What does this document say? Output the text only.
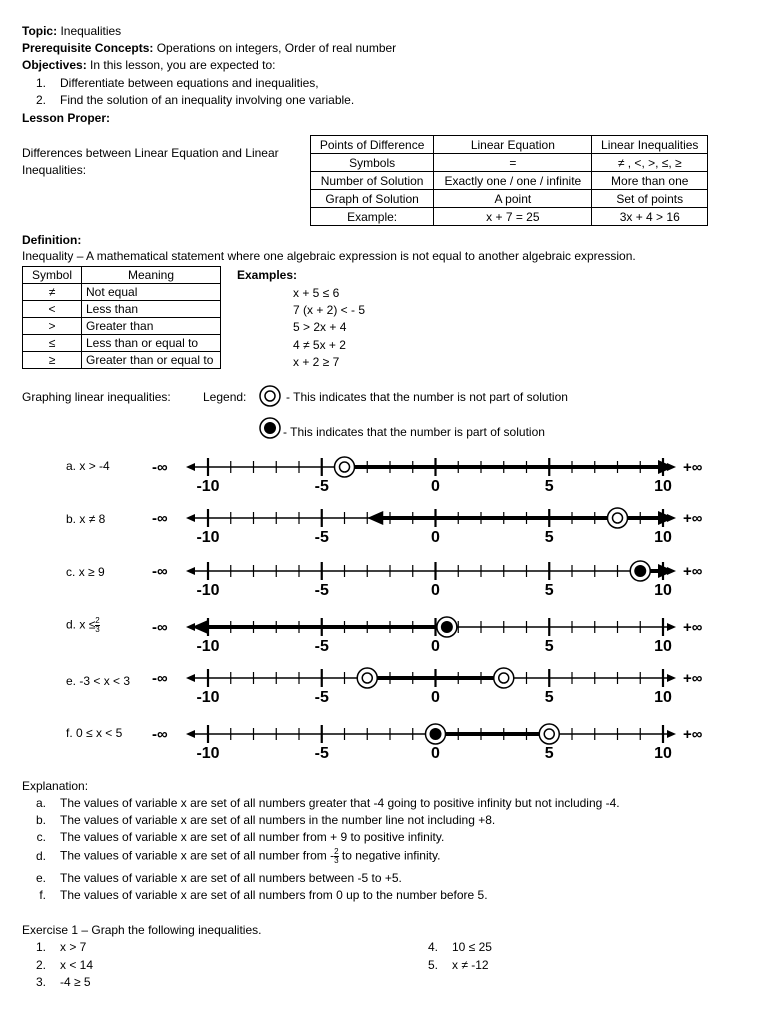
Topic: Inequalities
Prerequisite Concepts: Operations on integers, Order of real number
Objectives: In this lesson, you are expected to:
1. Differentiate between equations and inequalities,
2. Find the solution of an inequality involving one variable.
Lesson Proper:
Differences between Linear Equation and Linear Inequalities:
Points of Difference	Linear Equation	Linear Inequalities
Symbols	=	≠ , <, >, ≤, ≥
Number of Solution	Exactly one / one / infinite	More than one
Graph of Solution	A point	Set of points
Example:	x + 7 = 25	3x + 4 > 16
Definition:
Inequality – A mathematical statement where one algebraic expression is not equal to another algebraic expression.
Symbol	Meaning
≠	Not equal
<	Less than
>	Greater than
≤	Less than or equal to
≥	Greater than or equal to
Examples:
x + 5 ≤ 6
7 (x + 2) < - 5
5 > 2x + 4
4 ≠ 5x + 2
x + 2 ≥ 7
Graphing linear inequalities:	Legend:	- This indicates that the number is not part of solution
- This indicates that the number is part of solution
a. x > -4
b. x ≠ 8
c. x ≥ 9
d. $x \le \frac{2}{3}$
e. -3 < x < 3
f. 0 ≤ x < 5
-∞	+∞
-10	-5	0	5	10
-∞	+∞
-10	-5	0	5	10
-∞	+∞
-10	-5	0	5	10
-∞	+∞
-10	-5	0	5	10
-∞	+∞
-10	-5	0	5	10
-∞	+∞
-10	-5	0	5	10
Explanation:
a. The values of variable x are set of all numbers greater that -4 going to positive infinity but not including -4.
b. The values of variable x are set of all numbers in the number line not including +8.
c. The values of variable x are set of all number from + 9 to positive infinity.
d. The values of variable x are set of all number from - $\frac{2}{3}$ to negative infinity.
e. The values of variable x are set of all numbers between -5 to +5.
f. The values of variable x are set of all numbers from 0 up to the number before 5.
Exercise 1 – Graph the following inequalities.
1. x > 7
2. x < 14
3. -4 ≥ 5
4. 10 ≤ 25
5. x ≠ -12
